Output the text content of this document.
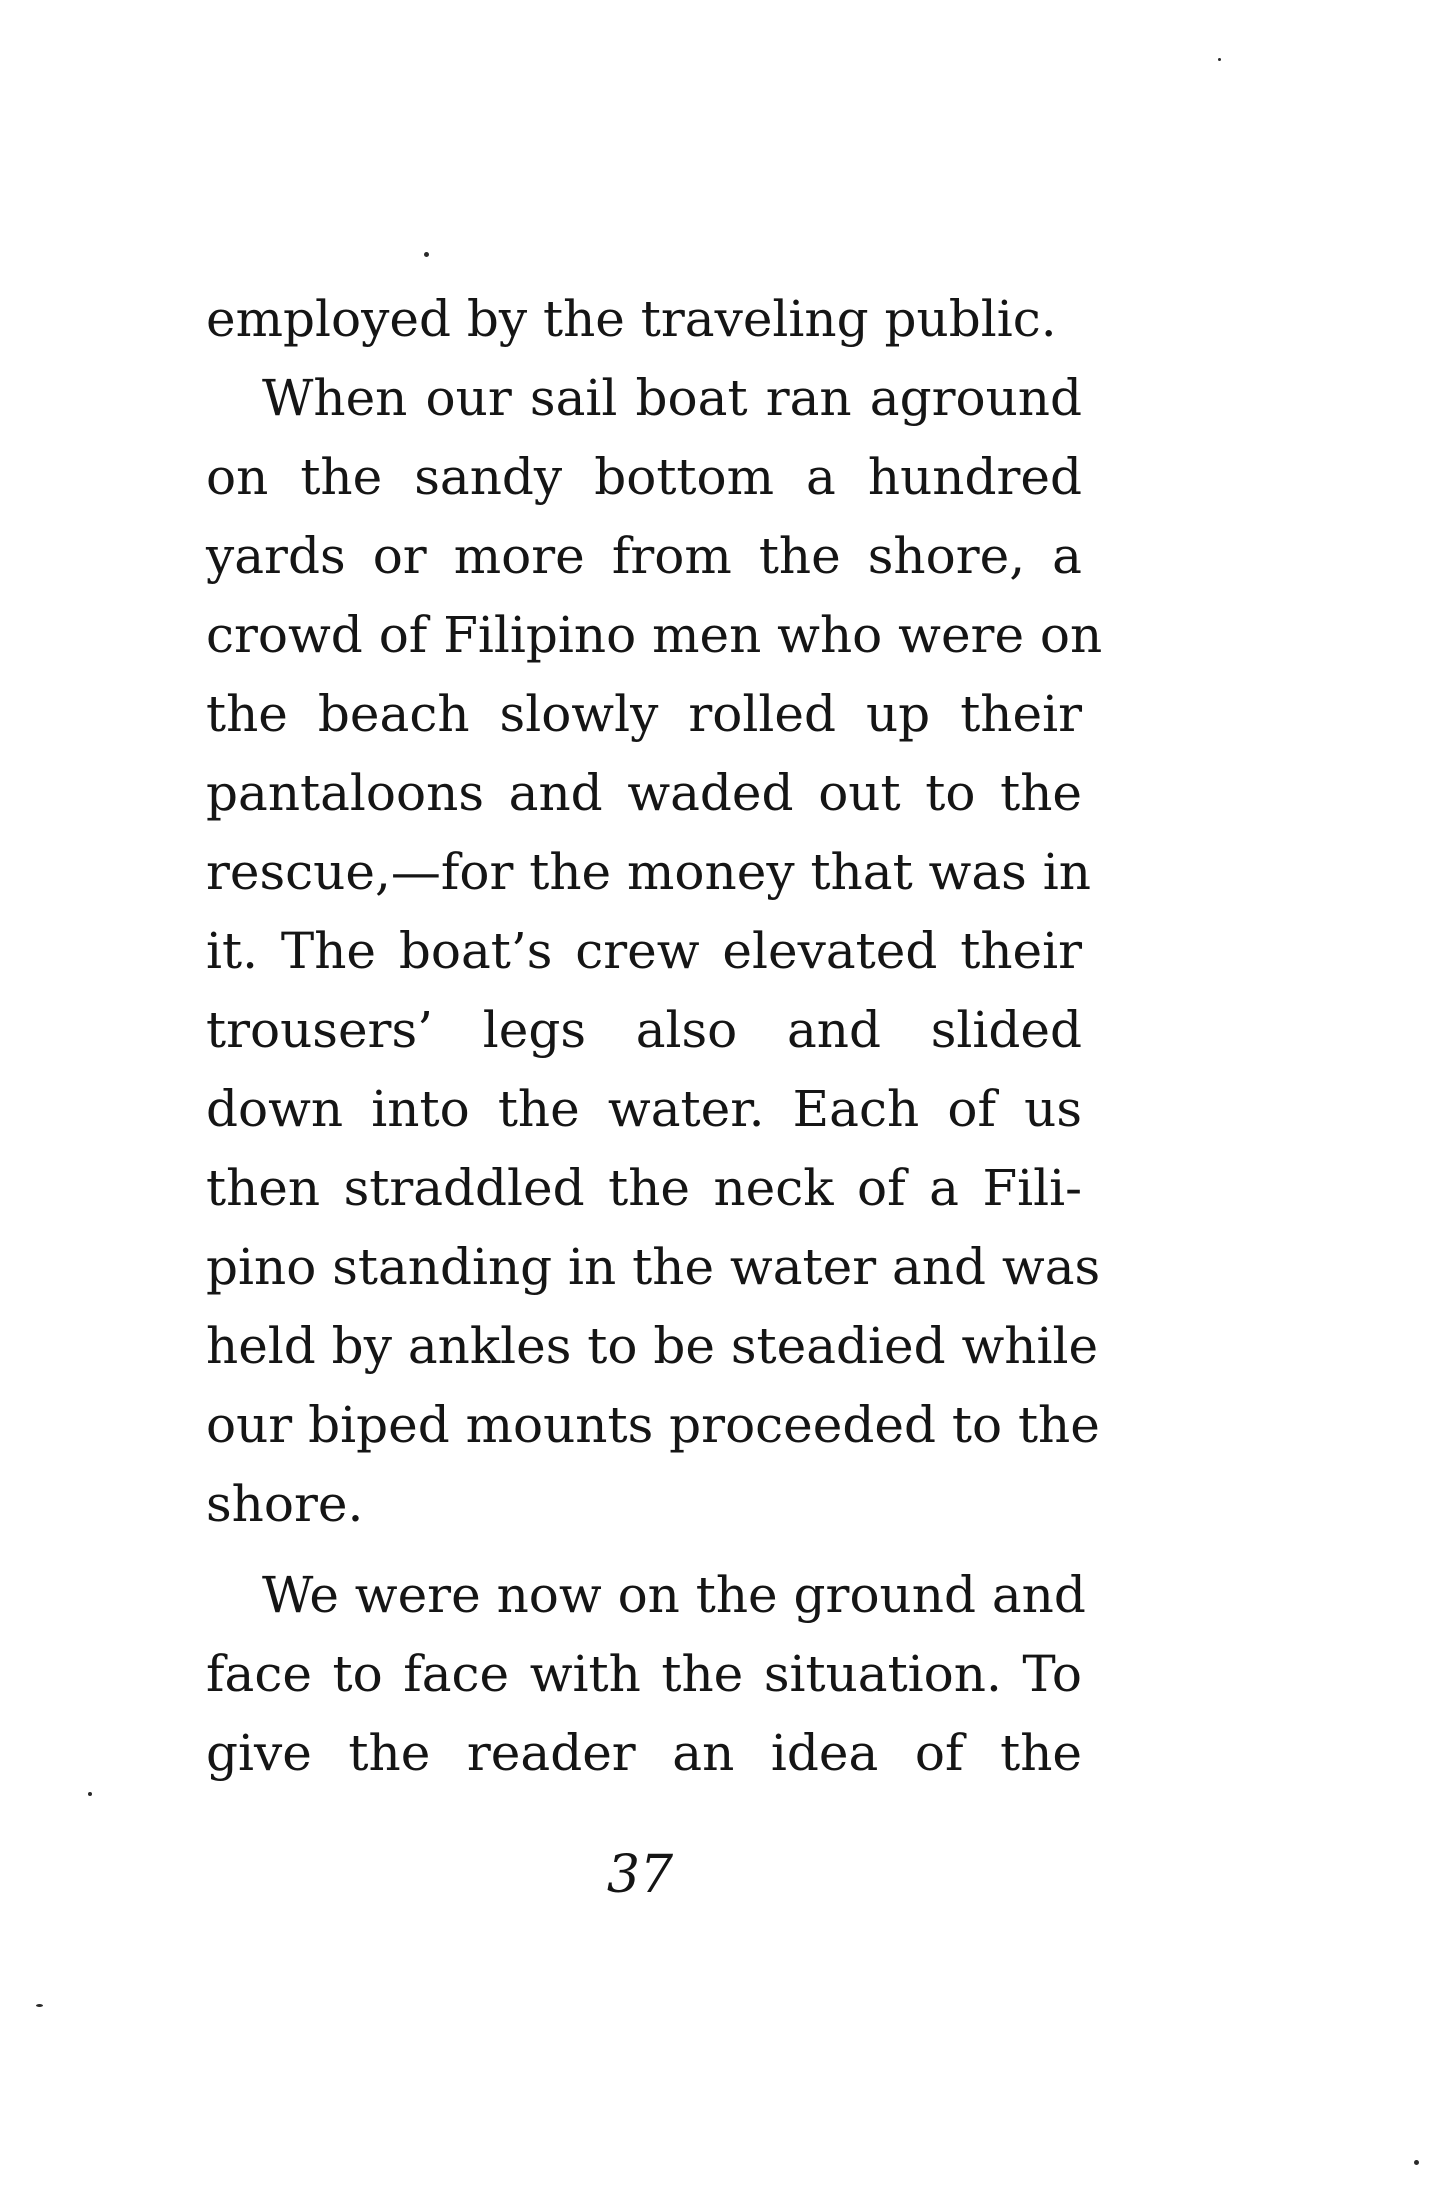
employed by the traveling public.
When our sail boat ran aground
on the sandy bottom a hundred
yards or more from the shore, a
crowd of Filipino men who were on
the beach slowly rolled up their
pantaloons and waded out to the
rescue,—for the money that was in
it. The boat’s crew elevated their
trousers’ legs also and slided
down into the water. Each of us
then straddled the neck of a Fili-
pino standing in the water and was
held by ankles to be steadied while
our biped mounts proceeded to the
shore.
We were now on the ground and
face to face with the situation. To
give the reader an idea of the
37
